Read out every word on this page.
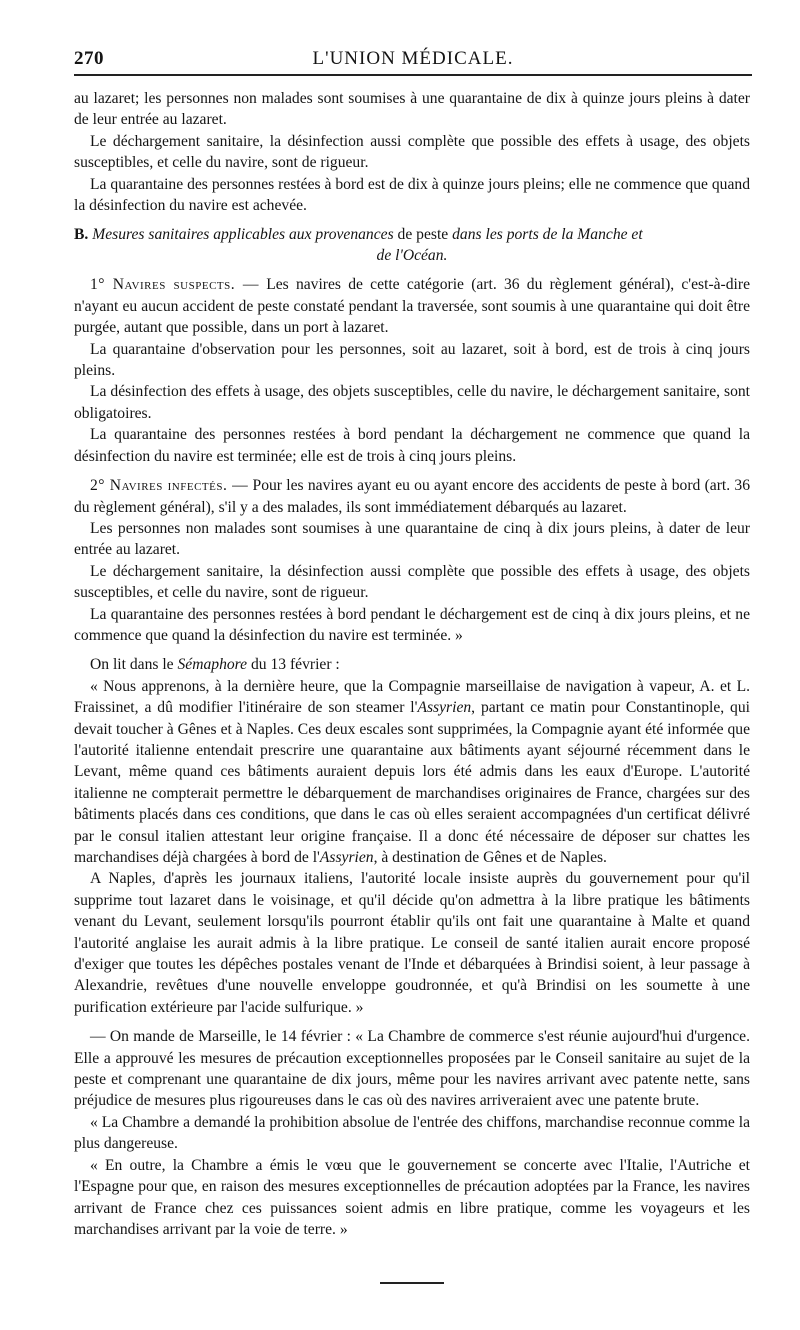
270	L'UNION MÉDICALE.

au lazaret; les personnes non malades sont soumises à une quarantaine de dix à quinze jours pleins à dater de leur entrée au lazaret.

Le déchargement sanitaire, la désinfection aussi complète que possible des effets à usage, des objets susceptibles, et celle du navire, sont de rigueur.

La quarantaine des personnes restées à bord est de dix à quinze jours pleins; elle ne commence que quand la désinfection du navire est achevée.

B. Mesures sanitaires applicables aux provenances de peste dans les ports de la Manche et
de l'Océan.

1° Navires suspects. — Les navires de cette catégorie (art. 36 du règlement général), c'est-à-dire n'ayant eu aucun accident de peste constaté pendant la traversée, sont soumis à une quarantaine qui doit être purgée, autant que possible, dans un port à lazaret.

La quarantaine d'observation pour les personnes, soit au lazaret, soit à bord, est de trois à cinq jours pleins.

La désinfection des effets à usage, des objets susceptibles, celle du navire, le déchargement sanitaire, sont obligatoires.

La quarantaine des personnes restées à bord pendant la déchargement ne commence que quand la désinfection du navire est terminée; elle est de trois à cinq jours pleins.

2° Navires infectés. — Pour les navires ayant eu ou ayant encore des accidents de peste à bord (art. 36 du règlement général), s'il y a des malades, ils sont immédiatement débarqués au lazaret.

Les personnes non malades sont soumises à une quarantaine de cinq à dix jours pleins, à dater de leur entrée au lazaret.

Le déchargement sanitaire, la désinfection aussi complète que possible des effets à usage, des objets susceptibles, et celle du navire, sont de rigueur.

La quarantaine des personnes restées à bord pendant le déchargement est de cinq à dix jours pleins, et ne commence que quand la désinfection du navire est terminée. »

On lit dans le Sémaphore du 13 février :

« Nous apprenons, à la dernière heure, que la Compagnie marseillaise de navigation à vapeur, A. et L. Fraissinet, a dû modifier l'itinéraire de son steamer l'Assyrien, partant ce matin pour Constantinople, qui devait toucher à Gênes et à Naples. Ces deux escales sont supprimées, la Compagnie ayant été informée que l'autorité italienne entendait prescrire une quarantaine aux bâtiments ayant séjourné récemment dans le Levant, même quand ces bâtiments auraient depuis lors été admis dans les eaux d'Europe. L'autorité italienne ne compterait permettre le débarquement de marchandises originaires de France, chargées sur des bâtiments placés dans ces conditions, que dans le cas où elles seraient accompagnées d'un certificat délivré par le consul italien attestant leur origine française. Il a donc été nécessaire de déposer sur chattes les marchandises déjà chargées à bord de l'Assyrien, à destination de Gênes et de Naples.

A Naples, d'après les journaux italiens, l'autorité locale insiste auprès du gouvernement pour qu'il supprime tout lazaret dans le voisinage, et qu'il décide qu'on admettra à la libre pratique les bâtiments venant du Levant, seulement lorsqu'ils pourront établir qu'ils ont fait une quarantaine à Malte et quand l'autorité anglaise les aurait admis à la libre pratique. Le conseil de santé italien aurait encore proposé d'exiger que toutes les dépêches postales venant de l'Inde et débarquées à Brindisi soient, à leur passage à Alexandrie, revêtues d'une nouvelle enveloppe goudronnée, et qu'à Brindisi on les soumette à une purification extérieure par l'acide sulfurique. »

— On mande de Marseille, le 14 février : « La Chambre de commerce s'est réunie aujourd'hui d'urgence. Elle a approuvé les mesures de précaution exceptionnelles proposées par le Conseil sanitaire au sujet de la peste et comprenant une quarantaine de dix jours, même pour les navires arrivant avec patente nette, sans préjudice de mesures plus rigoureuses dans le cas où des navires arriveraient avec une patente brute.

« La Chambre a demandé la prohibition absolue de l'entrée des chiffons, marchandise reconnue comme la plus dangereuse.

« En outre, la Chambre a émis le vœu que le gouvernement se concerte avec l'Italie, l'Autriche et l'Espagne pour que, en raison des mesures exceptionnelles de précaution adoptées par la France, les navires arrivant de France chez ces puissances soient admis en libre pratique, comme les voyageurs et les marchandises arrivant par la voie de terre. »
